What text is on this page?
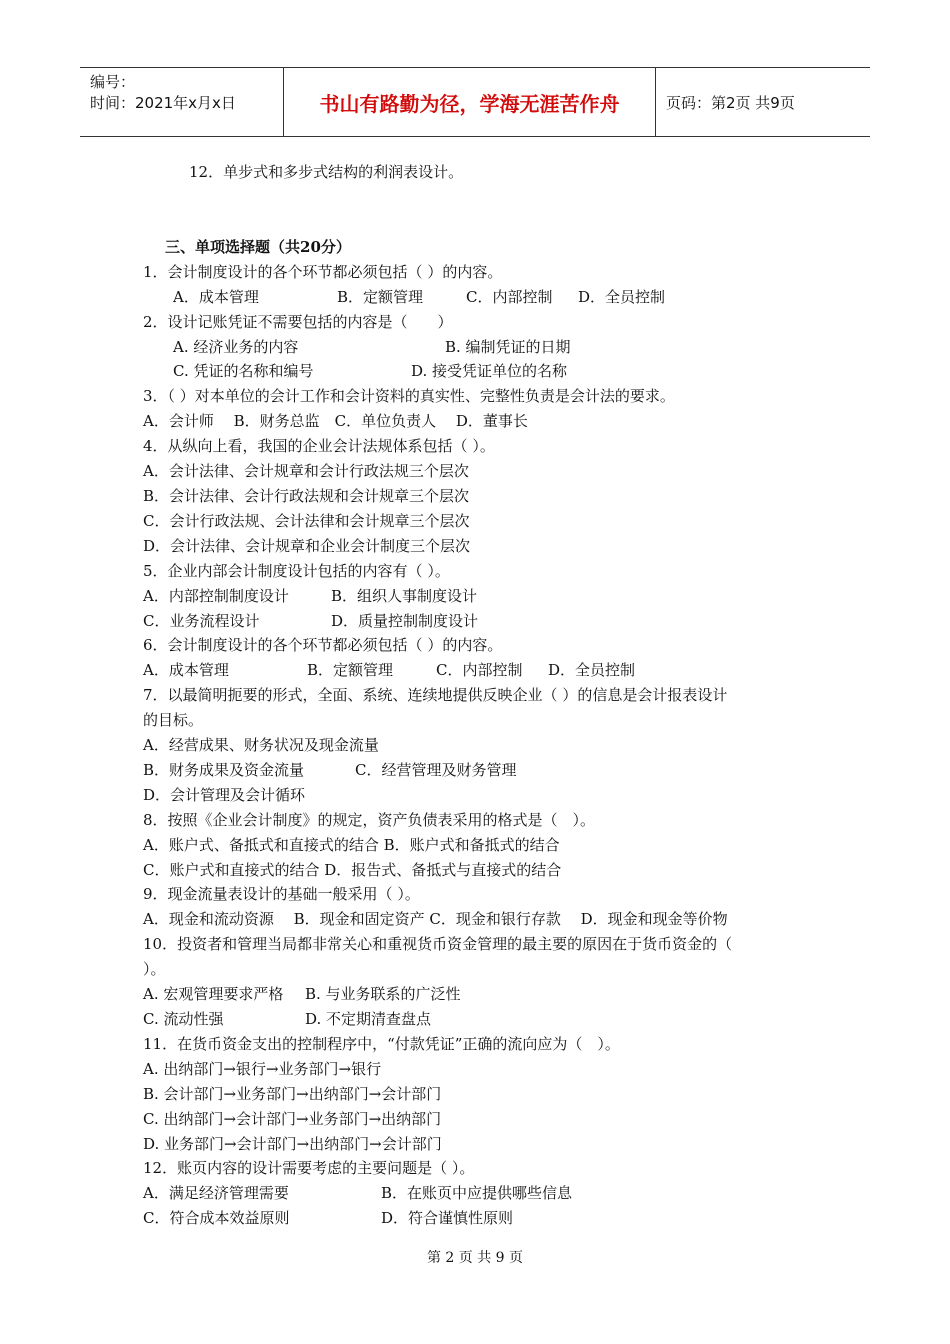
编号：
时间：2021年x月x日	书山有路勤为径，学海无涯苦作舟	页码：第2页 共9页
12．单步式和多步式结构的利润表设计。
三、单项选择题（共20分）
1．会计制度设计的各个环节都必须包括（ ）的内容。
A．成本管理	B．定额管理	C．内部控制 D．全员控制
2．设计记账凭证不需要包括的内容是（　　）
A. 经济业务的内容	B. 编制凭证的日期
C. 凭证的名称和编号	D. 接受凭证单位的名称
3．（ ）对本单位的会计工作和会计资料的真实性、完整性负责是会计法的要求。
A．会计师　 B．财务总监　C．单位负责人　 D．董事长
4．从纵向上看，我国的企业会计法规体系包括（ ）。
A．会计法律、会计规章和会计行政法规三个层次
B．会计法律、会计行政法规和会计规章三个层次
C．会计行政法规、会计法律和会计规章三个层次
D．会计法律、会计规章和企业会计制度三个层次
5．企业内部会计制度设计包括的内容有（ ）。
A．内部控制制度设计	B．组织人事制度设计
C．业务流程设计	D．质量控制制度设计
6．会计制度设计的各个环节都必须包括（ ）的内容。
A．成本管理	B．定额管理	C．内部控制 D．全员控制
7．以最简明扼要的形式，全面、系统、连续地提供反映企业（ ）的信息是会计报表设计
的目标。
A．经营成果、财务状况及现金流量
B．财务成果及资金流量	C．经营管理及财务管理
D．会计管理及会计循环
8．按照《企业会计制度》的规定，资产负债表采用的格式是（　）。
A．账户式、备抵式和直接式的结合 B．账户式和备抵式的结合
C．账户式和直接式的结合 D．报告式、备抵式与直接式的结合
9．现金流量表设计的基础一般采用（ ）。
A．现金和流动资源　 B．现金和固定资产 C．现金和银行存款　 D．现金和现金等价物
10．投资者和管理当局都非常关心和重视货币资金管理的最主要的原因在于货币资金的（
）。
A. 宏观管理要求严格 B. 与业务联系的广泛性
C. 流动性强	D. 不定期清查盘点
11．在货币资金支出的控制程序中，“付款凭证”正确的流向应为（　）。
A. 出纳部门→银行→业务部门→银行
B. 会计部门→业务部门→出纳部门→会计部门
C. 出纳部门→会计部门→业务部门→出纳部门
D. 业务部门→会计部门→出纳部门→会计部门
12．账页内容的设计需要考虑的主要问题是（ ）。
A．满足经济管理需要	B．在账页中应提供哪些信息
C．符合成本效益原则	D．符合谨慎性原则
第 2 页 共 9 页
